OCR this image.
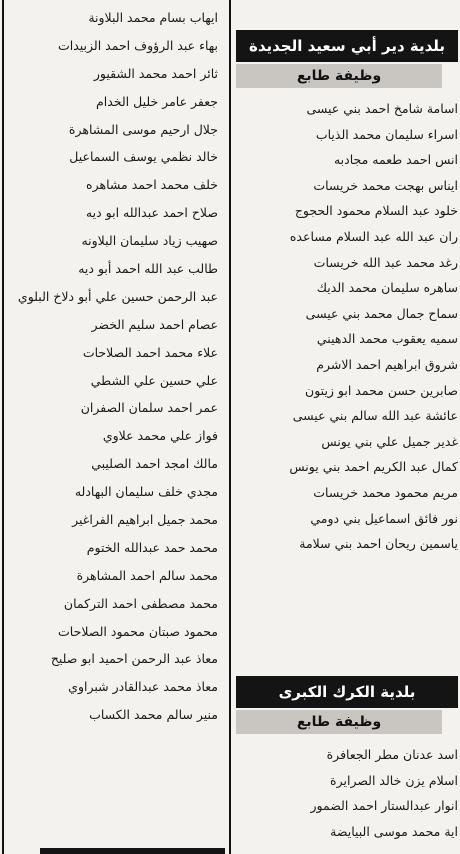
بلدية دير أبي سعيد الجديدة
وظيفة طابع
اسامة شامخ احمد بني عيسى
اسراء سليمان محمد الذياب
انس احمد طعمه مجادبه
ايناس بهجت محمد خريسات
خلود عبد السلام محمود الحجوج
ران عبد الله عبد السلام مساعده
رغد محمد عبد الله خريسات
ساهره سليمان محمد الديك
سماح جمال محمد بني عيسى
سميه يعقوب محمد الدهيني
شروق ابراهيم احمد الاشرم
صابرين حسن محمد ابو زيتون
عائشة عبد الله سالم بني عيسى
غدير جميل علي بني يونس
كمال عبد الكريم احمد بني يونس
مريم محمود محمد خريسات
نور فائق اسماعيل بني دومي
ياسمين ريحان احمد بني سلامة
بلدية الكرك الكبرى
وظيفة طابع
اسد عدنان مطر الجعافرة
اسلام يزن خالد الصرايرة
انوار عبدالستار احمد الضمور
اية محمد موسى البيايضة
ايهاب بسام محمد البلاونة
بهاء عبد الرؤوف احمد الزبيدات
ثائر احمد محمد الشقيور
جعفر عامر خليل الخدام
جلال ارحيم موسى المشاهرة
خالد نظمي يوسف السماعيل
خلف محمد احمد مشاهره
صلاح احمد عبدالله ابو ديه
صهيب زياد سليمان البلاونه
طالب عبد الله احمد أبو ديه
عبد الرحمن حسين علي أبو دلاخ البلوي
عصام احمد سليم الخضر
علاء محمد احمد الصلاحات
علي حسين علي الشطي
عمر احمد سلمان الصفران
فواز علي محمد علاوي
مالك امجد احمد الصليبي
مجدي خلف سليمان البهادله
محمد جميل ابراهيم الفراغير
محمد حمد عبدالله الختوم
محمد سالم احمد المشاهرة
محمد مصطفى احمد التركمان
محمود صبتان محمود الصلاحات
معاذ عبد الرحمن احميد ابو صليح
معاذ محمد عبدالقادر شبراوي
منير سالم محمد الكساب
